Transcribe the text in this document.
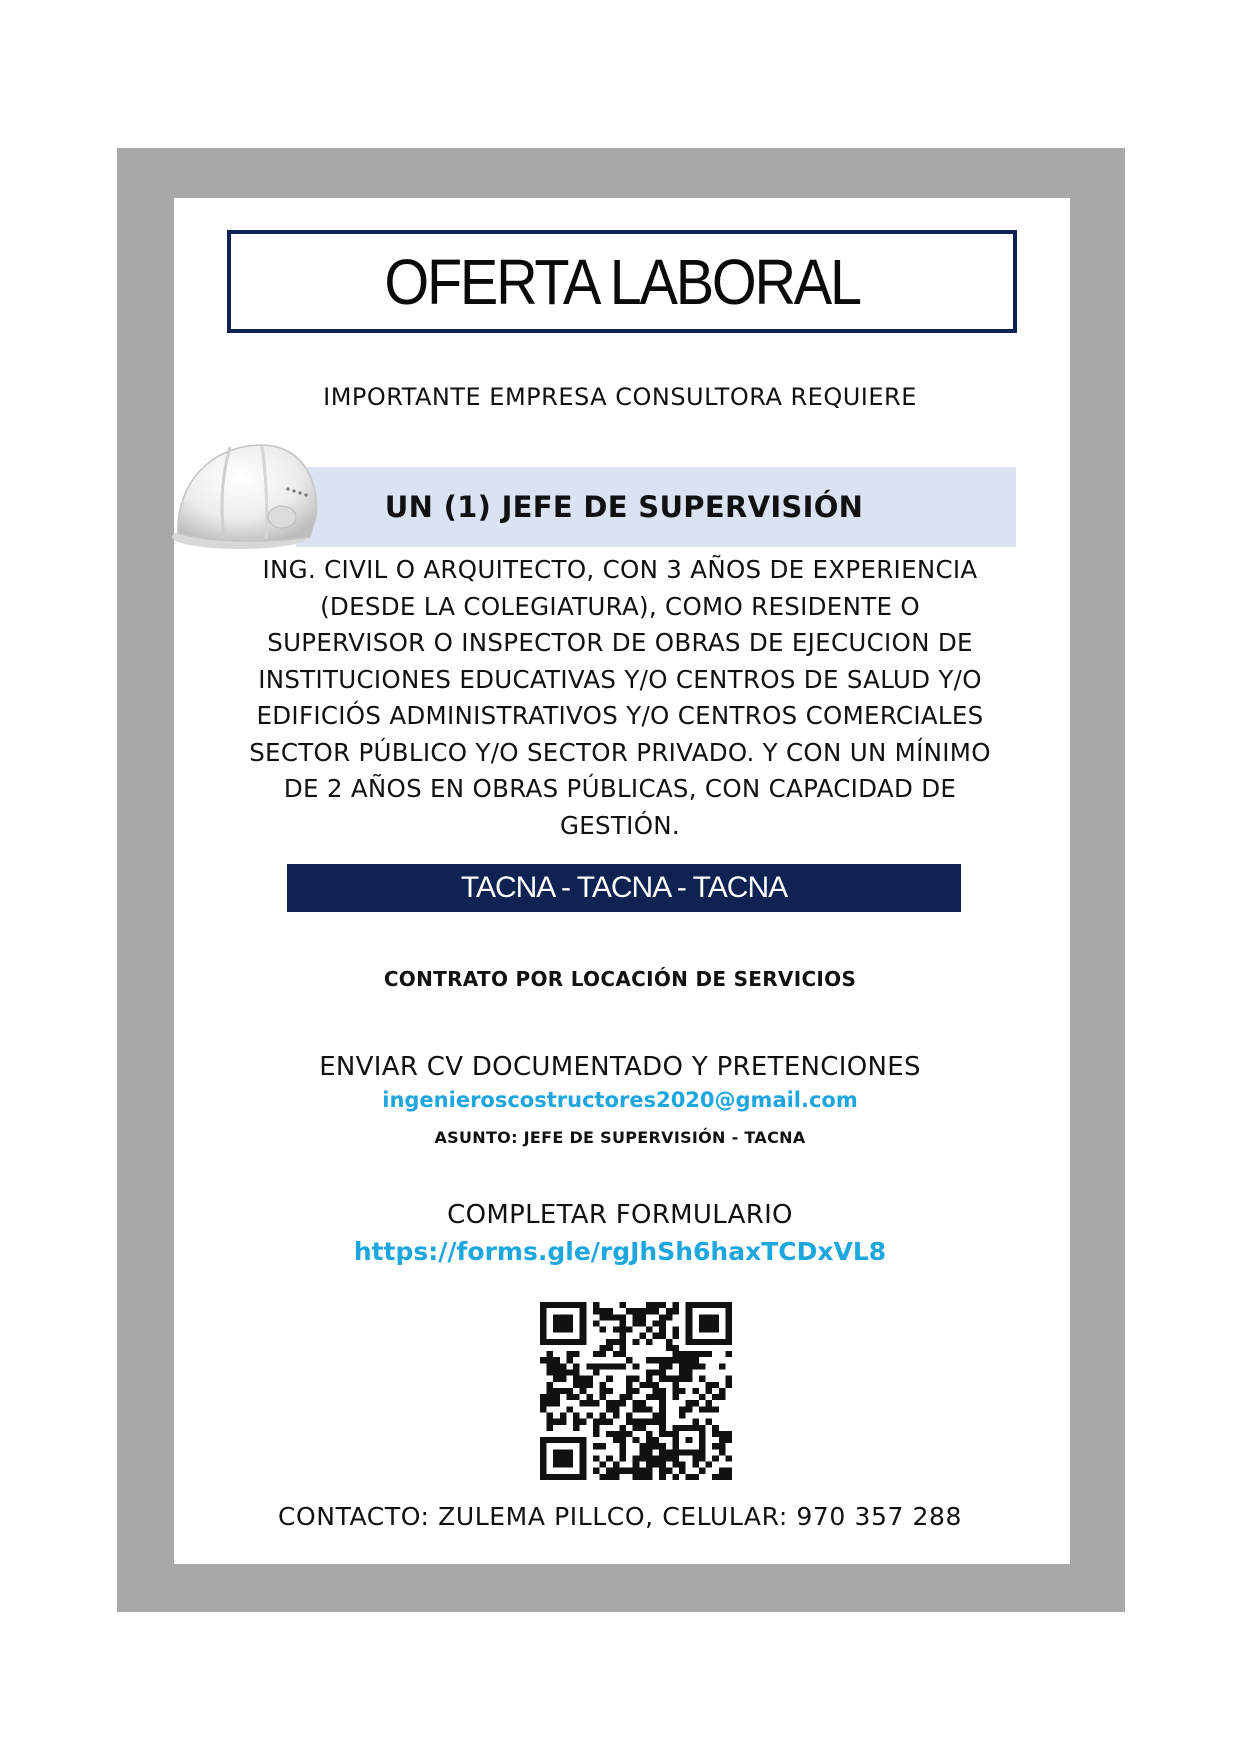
OFERTA LABORAL
IMPORTANTE EMPRESA CONSULTORA REQUIERE
UN (1) JEFE DE SUPERVISIÓN
ING. CIVIL O ARQUITECTO, CON 3 AÑOS DE EXPERIENCIA
(DESDE LA COLEGIATURA), COMO RESIDENTE O
SUPERVISOR O INSPECTOR DE OBRAS DE EJECUCION DE
INSTITUCIONES EDUCATIVAS Y/O CENTROS DE SALUD Y/O
EDIFICIÓS ADMINISTRATIVOS Y/O CENTROS COMERCIALES
SECTOR PÚBLICO Y/O SECTOR PRIVADO. Y CON UN MÍNIMO
DE 2 AÑOS EN OBRAS PÚBLICAS, CON CAPACIDAD DE
GESTIÓN.
TACNA - TACNA - TACNA
CONTRATO POR LOCACIÓN DE SERVICIOS
ENVIAR CV DOCUMENTADO Y PRETENCIONES
ingenieroscostructores2020@gmail.com
ASUNTO: JEFE DE SUPERVISIÓN - TACNA
COMPLETAR FORMULARIO
https://forms.gle/rgJhSh6haxTCDxVL8
CONTACTO: ZULEMA PILLCO, CELULAR: 970 357 288
